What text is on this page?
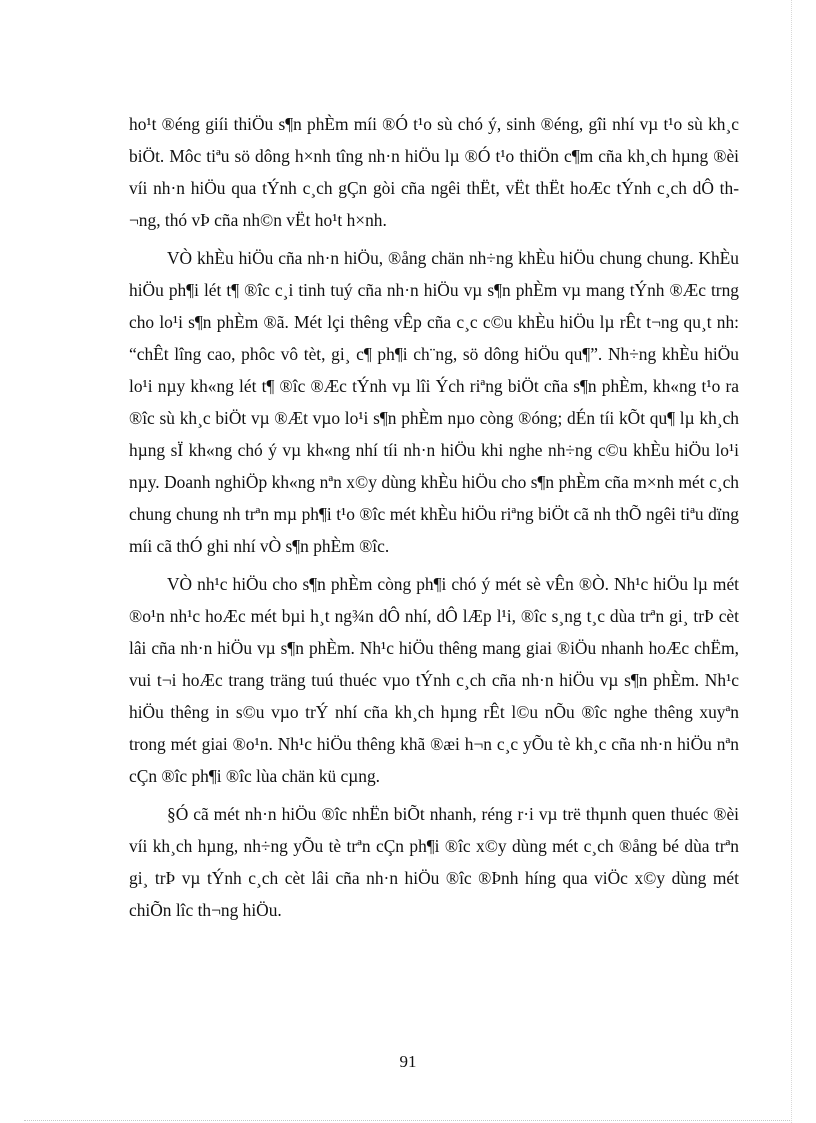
ho¹t ®éng giíi thiÖu s¶n phÈm míi ®Ó t¹o sù chó ý, sinh ®éng, gîi nhí vµ t¹o sù kh¸c biÖt. Môc tiªu sö dông h×nh tîng nh·n hiÖu lµ ®Ó t¹o thiÖn c¶m cña kh¸ch hµng ®èi víi nh·n hiÖu qua tÝnh c¸ch gÇn gòi cña ngêi thËt, vËt thËt hoÆc tÝnh c¸ch dÔ th¬ng, thó vÞ cña nh©n vËt ho¹t h×nh.

VÒ khÈu hiÖu cña nh·n hiÖu, ®ång chän nh÷ng khÈu hiÖu chung chung. KhÈu hiÖu ph¶i lét t¶ ®îc c¸i tinh tuý cña nh·n hiÖu vµ s¶n phÈm vµ mang tÝnh ®Æc trng cho lo¹i s¶n phÈm ®ã. Mét lçi thêng vÊp cña c¸c c©u khÈu hiÖu lµ rÊt t¬ng qu¸t nh: “chÊt lîng cao, phôc vô tèt, gi¸ c¶ ph¶i ch¨ng, sö dông hiÖu qu¶”. Nh÷ng khÈu hiÖu lo¹i nµy kh«ng lét t¶ ®îc ®Æc tÝnh vµ lîi Ých riªng biÖt cña s¶n phÈm, kh«ng t¹o ra ®îc sù kh¸c biÖt vµ ®Æt vµo lo¹i s¶n phÈm nµo còng ®óng; dÉn tíi kÕt qu¶ lµ kh¸ch hµng sÏ kh«ng chó ý vµ kh«ng nhí tíi nh·n hiÖu khi nghe nh÷ng c©u khÈu hiÖu lo¹i nµy. Doanh nghiÖp kh«ng nªn x©y dùng khÈu hiÖu cho s¶n phÈm cña m×nh mét c¸ch chung chung nh trªn mµ ph¶i t¹o ®îc mét khÈu hiÖu riªng biÖt cã nh thÕ ngêi tiªu dïng míi cã thÓ ghi nhí vÒ s¶n phÈm ®îc.

VÒ nh¹c hiÖu cho s¶n phÈm còng ph¶i chó ý mét sè vÊn ®Ò. Nh¹c hiÖu lµ mét ®o¹n nh¹c hoÆc mét bµi h¸t ng¾n dÔ nhí, dÔ lÆp l¹i, ®îc s¸ng t¸c dùa trªn gi¸ trÞ cèt lâi cña nh·n hiÖu vµ s¶n phÈm. Nh¹c hiÖu thêng mang giai ®iÖu nhanh hoÆc chËm, vui t¬i hoÆc trang träng tuú thuéc vµo tÝnh c¸ch cña nh·n hiÖu vµ s¶n phÈm. Nh¹c hiÖu thêng in s©u vµo trÝ nhí cña kh¸ch hµng rÊt l©u nÕu ®îc nghe thêng xuyªn trong mét giai ®o¹n. Nh¹c hiÖu thêng khã ®æi h¬n c¸c yÕu tè kh¸c cña nh·n hiÖu nªn cÇn ®îc ph¶i ®îc lùa chän kü cµng.

§Ó cã mét nh·n hiÖu ®îc nhËn biÕt nhanh, réng r·i vµ trë thµnh quen thuéc ®èi víi kh¸ch hµng, nh÷ng yÕu tè trªn cÇn ph¶i ®îc x©y dùng mét c¸ch ®ång bé dùa trªn gi¸ trÞ vµ tÝnh c¸ch cèt lâi cña nh·n hiÖu ®îc ®Þnh híng qua viÖc x©y dùng mét chiÕn lîc th¬ng hiÖu.

91
